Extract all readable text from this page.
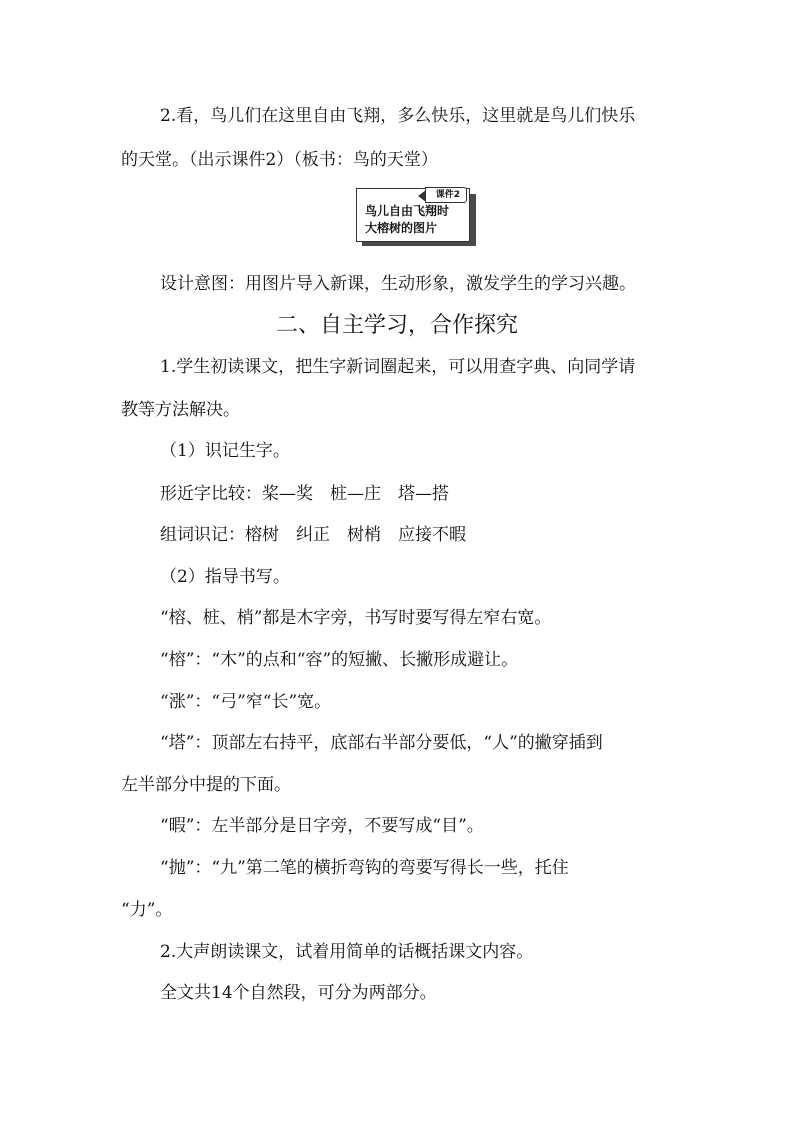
2.看，鸟儿们在这里自由飞翔，多么快乐，这里就是鸟儿们快乐
的天堂。（出示课件2）（板书：鸟的天堂）
课件2
鸟儿自由飞翔时
大榕树的图片
设计意图：用图片导入新课，生动形象，激发学生的学习兴趣。
二、自主学习，合作探究
1.学生初读课文，把生字新词圈起来，可以用查字典、向同学请
教等方法解决。
（1）识记生字。
形近字比较：桨—奖　桩—庄　塔—搭
组词识记：榕树　纠正　树梢　应接不暇
（2）指导书写。
“榕、桩、梢”都是木字旁，书写时要写得左窄右宽。
“榕”：“木”的点和“容”的短撇、长撇形成避让。
“涨”：“弓”窄“长”宽。
“塔”：顶部左右持平，底部右半部分要低，“人”的撇穿插到
左半部分中提的下面。
“暇”：左半部分是日字旁，不要写成“目”。
“抛”：“九”第二笔的横折弯钩的弯要写得长一些，托住
“力”。
2.大声朗读课文，试着用简单的话概括课文内容。
全文共14个自然段，可分为两部分。
